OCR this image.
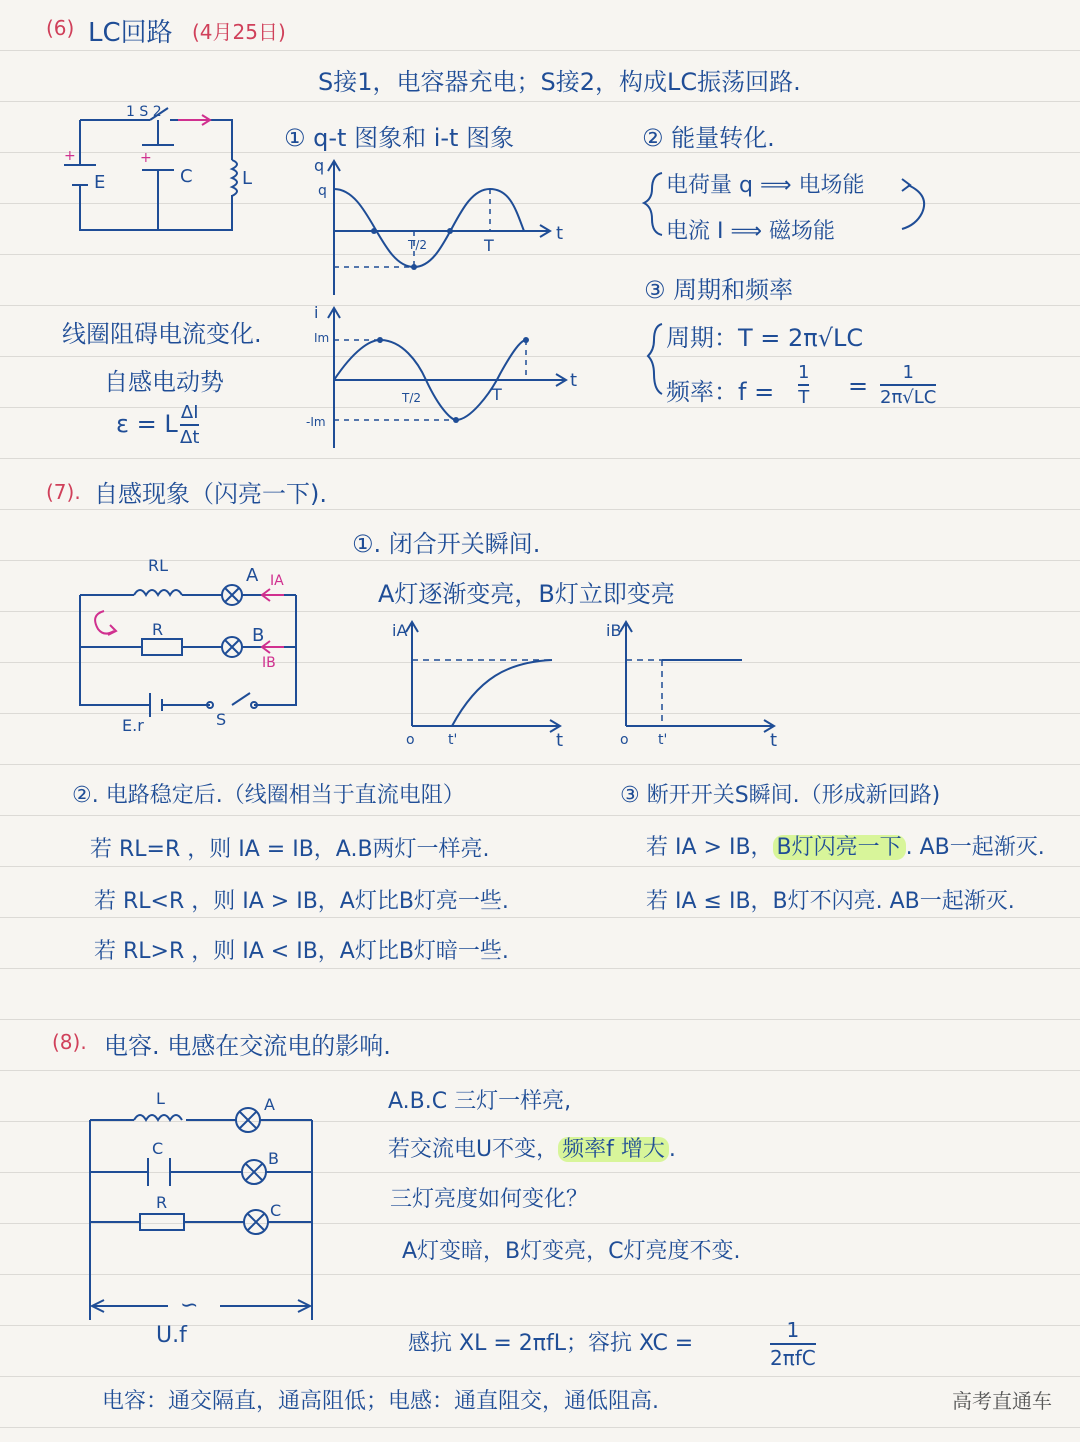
(6) LC回路 (4月25日)
S接1，电容器充电；S接2，构成LC振荡回路.
+	+
1 S 2
E	C	L
① q-t 图象和 i-t 图象
q
q
t
T/2	T
② 能量转化.
电荷量 q ⟹ 电场能
电流 I ⟹ 磁场能
③ 周期和频率
周期：T = 2π√LC
频率：f =
1
T = 1
2π√LC
线圈阻碍电流变化.
自感电动势
ε = L ΔI
Δt
i
Im
-Im
t
T/2	T
(7). 自感现象（闪亮一下).
RL
R
A IA
B
IB
E.r	S
①. 闭合开关瞬间.
A灯逐渐变亮，B灯立即变亮
iA
o t'	t
iB
o t'	t
②. 电路稳定后.（线圈相当于直流电阻）
若 RL=R ，则 IA = IB，A.B两灯一样亮.
若 RL<R ，则 IA > IB，A灯比B灯亮一些.
若 RL>R ，则 IA < IB，A灯比B灯暗一些.
③ 断开开关S瞬间.（形成新回路)
若 IA > IB， B灯闪亮一下 . AB一起渐灭.
若 IA ≤ IB，B灯不闪亮. AB一起渐灭.
(8). 电容. 电感在交流电的影响.
L	A
C
B
R	C
∽
U.f
A.B.C 三灯一样亮,
若交流电U不变， 频率f 增大 .
三灯亮度如何变化？
A灯变暗，B灯变亮，C灯亮度不变.
感抗 XL = 2πfL；容抗 XC =
1
2πfC
电容：通交隔直，通高阻低；电感：通直阻交，通低阻高.	高考直通车
